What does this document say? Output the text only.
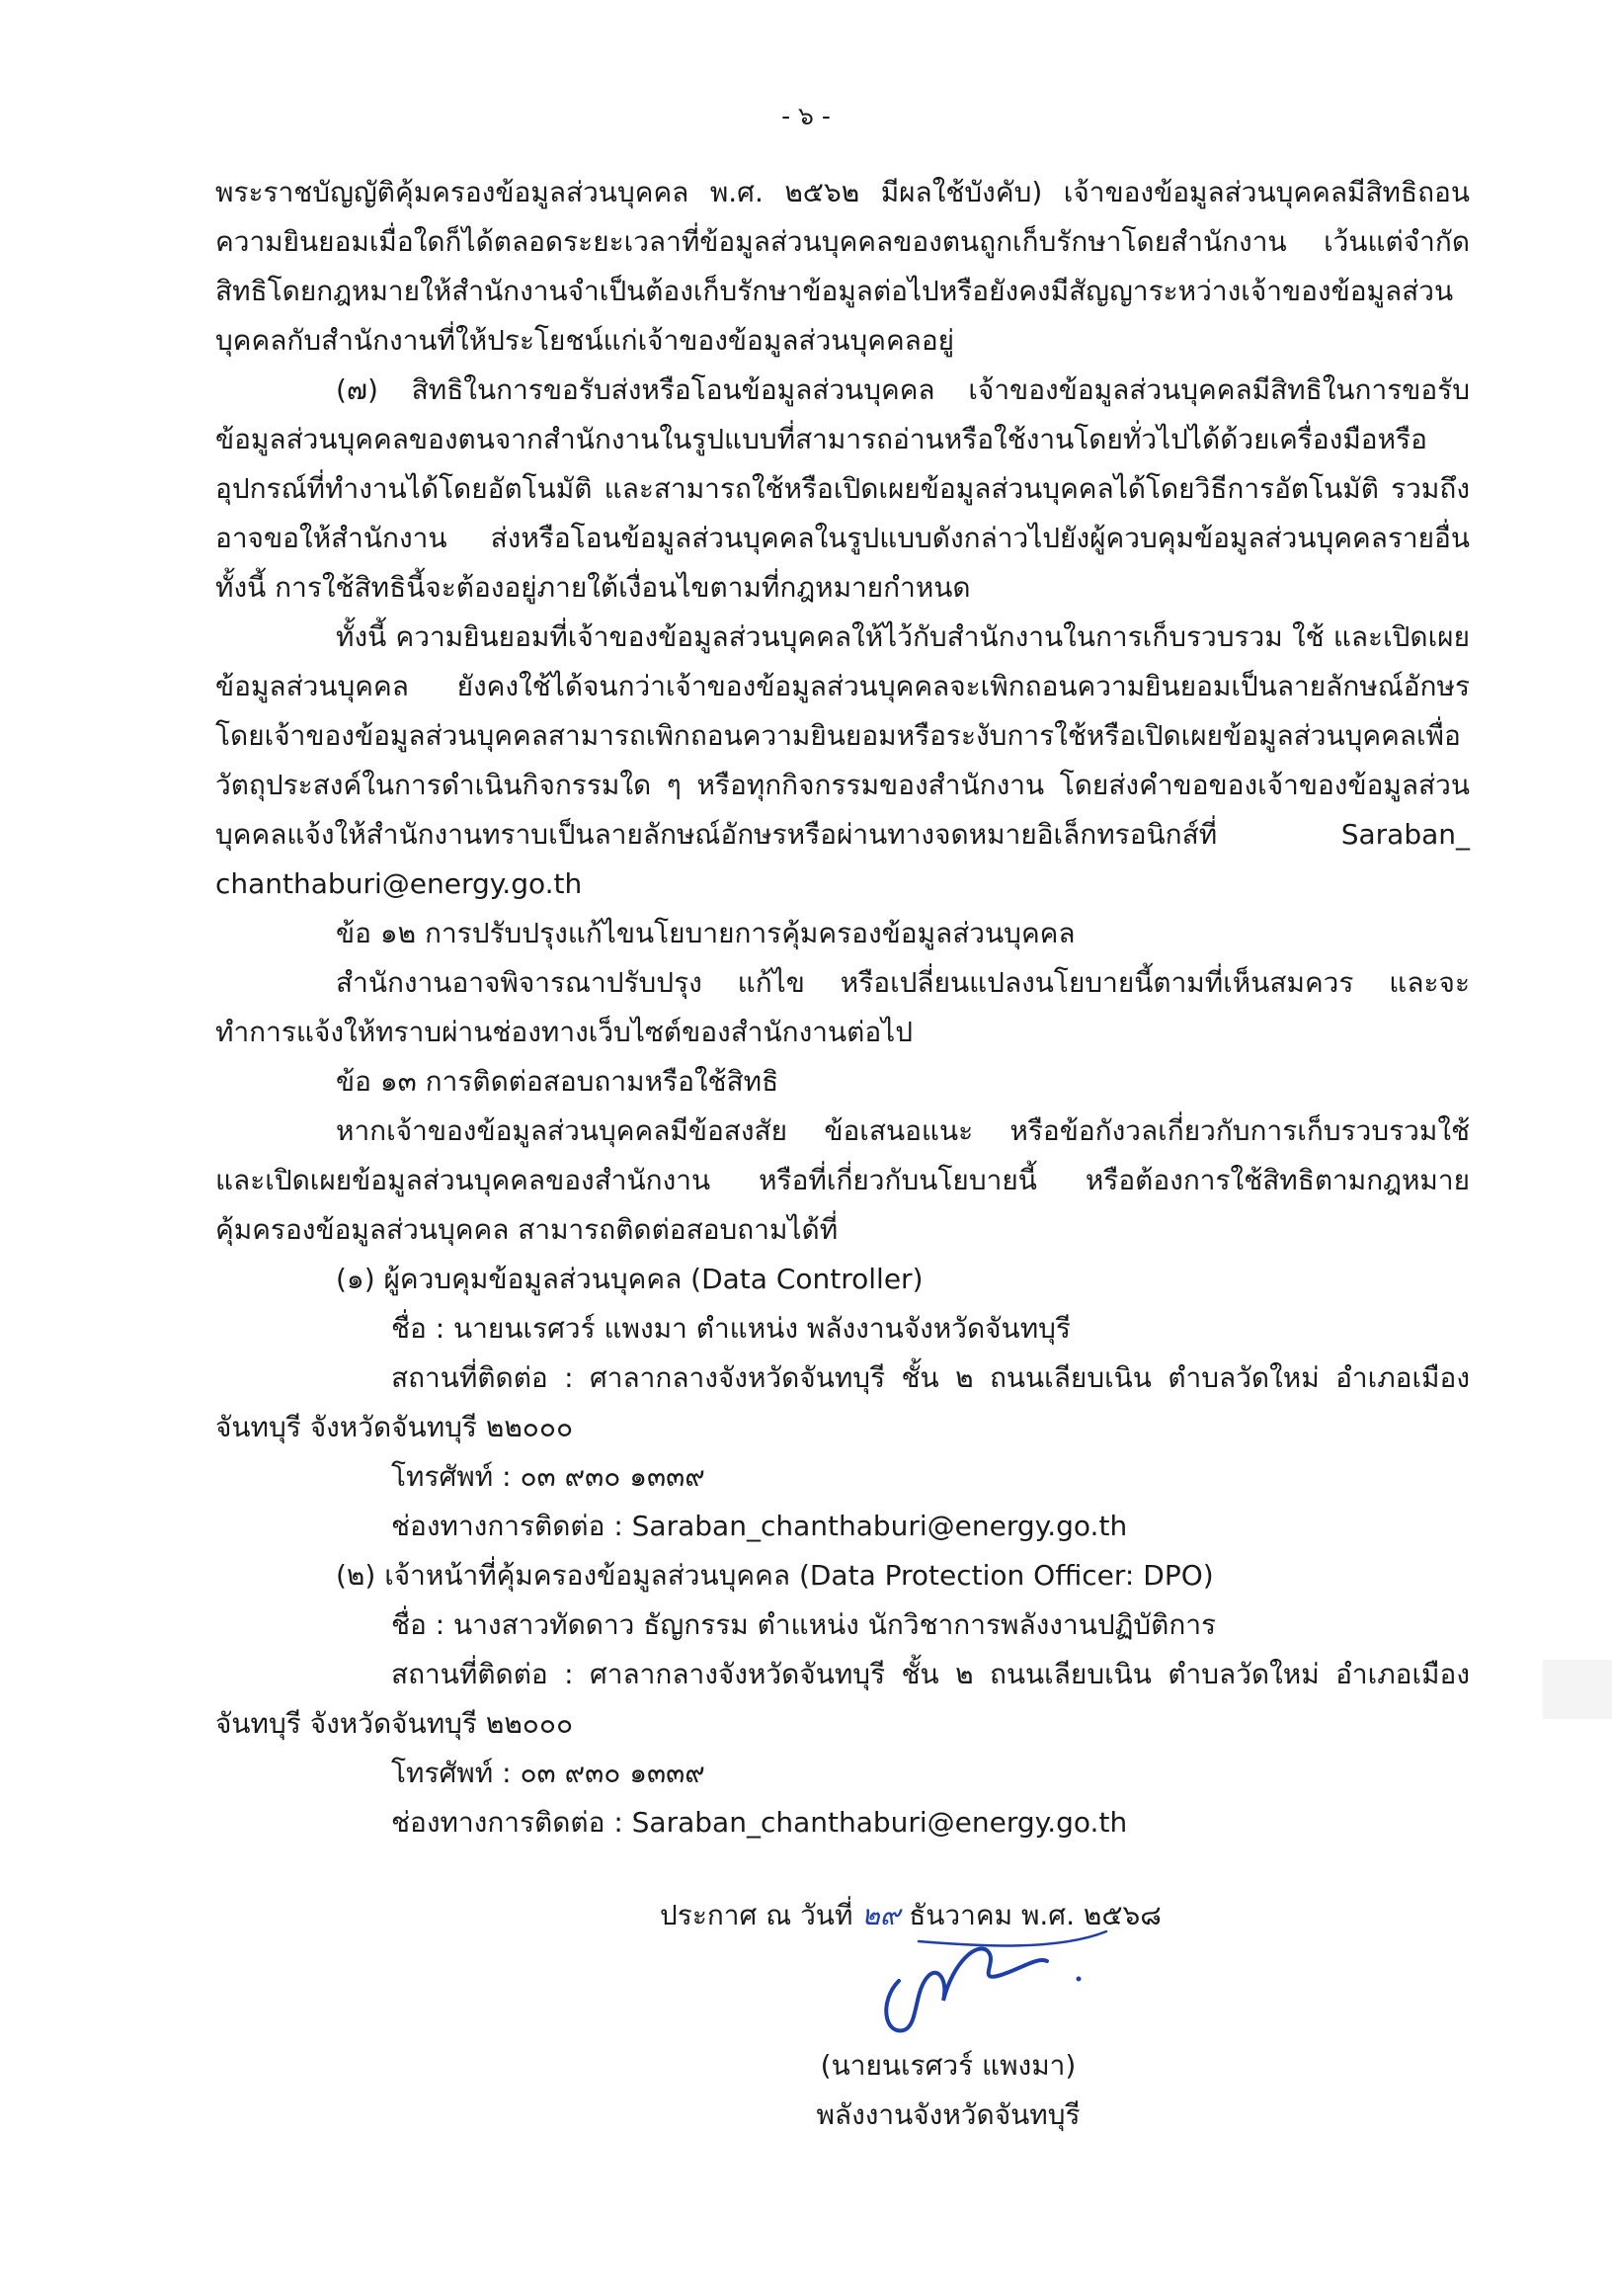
- ๖ -

พระราชบัญญัติคุ้มครองข้อมูลส่วนบุคคล พ.ศ. ๒๕๖๒ มีผลใช้บังคับ) เจ้าของข้อมูลส่วนบุคคลมีสิทธิถอนความยินยอมเมื่อใดก็ได้ตลอดระยะเวลาที่ข้อมูลส่วนบุคคลของตนถูกเก็บรักษาโดยสำนักงาน เว้นแต่จำกัดสิทธิโดยกฎหมายให้สำนักงานจำเป็นต้องเก็บรักษาข้อมูลต่อไปหรือยังคงมีสัญญาระหว่างเจ้าของข้อมูลส่วนบุคคลกับสำนักงานที่ให้ประโยชน์แก่เจ้าของข้อมูลส่วนบุคคลอยู่

(๗) สิทธิในการขอรับส่งหรือโอนข้อมูลส่วนบุคคล เจ้าของข้อมูลส่วนบุคคลมีสิทธิในการขอรับข้อมูลส่วนบุคคลของตนจากสำนักงานในรูปแบบที่สามารถอ่านหรือใช้งานโดยทั่วไปได้ด้วยเครื่องมือหรืออุปกรณ์ที่ทำงานได้โดยอัตโนมัติ และสามารถใช้หรือเปิดเผยข้อมูลส่วนบุคคลได้โดยวิธีการอัตโนมัติ รวมถึงอาจขอให้สำนักงาน ส่งหรือโอนข้อมูลส่วนบุคคลในรูปแบบดังกล่าวไปยังผู้ควบคุมข้อมูลส่วนบุคคลรายอื่น ทั้งนี้ การใช้สิทธินี้จะต้องอยู่ภายใต้เงื่อนไขตามที่กฎหมายกำหนด

ทั้งนี้ ความยินยอมที่เจ้าของข้อมูลส่วนบุคคลให้ไว้กับสำนักงานในการเก็บรวบรวม ใช้ และเปิดเผยข้อมูลส่วนบุคคล ยังคงใช้ได้จนกว่าเจ้าของข้อมูลส่วนบุคคลจะเพิกถอนความยินยอมเป็นลายลักษณ์อักษรโดยเจ้าของข้อมูลส่วนบุคคลสามารถเพิกถอนความยินยอมหรือระงับการใช้หรือเปิดเผยข้อมูลส่วนบุคคลเพื่อวัตถุประสงค์ในการดำเนินกิจกรรมใด ๆ หรือทุกกิจกรรมของสำนักงาน โดยส่งคำขอของเจ้าของข้อมูลส่วนบุคคลแจ้งให้สำนักงานทราบเป็นลายลักษณ์อักษรหรือผ่านทางจดหมายอิเล็กทรอนิกส์ที่ Saraban_ chanthaburi@energy.go.th

ข้อ ๑๒ การปรับปรุงแก้ไขนโยบายการคุ้มครองข้อมูลส่วนบุคคล

สำนักงานอาจพิจารณาปรับปรุง แก้ไข หรือเปลี่ยนแปลงนโยบายนี้ตามที่เห็นสมควร และจะทำการแจ้งให้ทราบผ่านช่องทางเว็บไซต์ของสำนักงานต่อไป

ข้อ ๑๓ การติดต่อสอบถามหรือใช้สิทธิ

หากเจ้าของข้อมูลส่วนบุคคลมีข้อสงสัย ข้อเสนอแนะ หรือข้อกังวลเกี่ยวกับการเก็บรวบรวมใช้ และเปิดเผยข้อมูลส่วนบุคคลของสำนักงาน หรือที่เกี่ยวกับนโยบายนี้ หรือต้องการใช้สิทธิตามกฎหมายคุ้มครองข้อมูลส่วนบุคคล สามารถติดต่อสอบถามได้ที่

(๑) ผู้ควบคุมข้อมูลส่วนบุคคล (Data Controller)

ชื่อ : นายนเรศวร์ แพงมา ตำแหน่ง พลังงานจังหวัดจันทบุรี

สถานที่ติดต่อ : ศาลากลางจังหวัดจันทบุรี ชั้น ๒ ถนนเลียบเนิน ตำบลวัดใหม่ อำเภอเมืองจันทบุรี จังหวัดจันทบุรี ๒๒๐๐๐

โทรศัพท์ : ๐๓ ๙๓๐ ๑๓๓๙

ช่องทางการติดต่อ : Saraban_chanthaburi@energy.go.th

(๒) เจ้าหน้าที่คุ้มครองข้อมูลส่วนบุคคล (Data Protection Officer: DPO)

ชื่อ : นางสาวทัดดาว ธัญกรรม ตำแหน่ง นักวิชาการพลังงานปฏิบัติการ

สถานที่ติดต่อ : ศาลากลางจังหวัดจันทบุรี ชั้น ๒ ถนนเลียบเนิน ตำบลวัดใหม่ อำเภอเมืองจันทบุรี จังหวัดจันทบุรี ๒๒๐๐๐

โทรศัพท์ : ๐๓ ๙๓๐ ๑๓๓๙

ช่องทางการติดต่อ : Saraban_chanthaburi@energy.go.th

ประกาศ ณ วันที่ ๒๙ ธันวาคม พ.ศ. ๒๕๖๘
(นายนเรศวร์ แพงมา)
พลังงานจังหวัดจันทบุรี
